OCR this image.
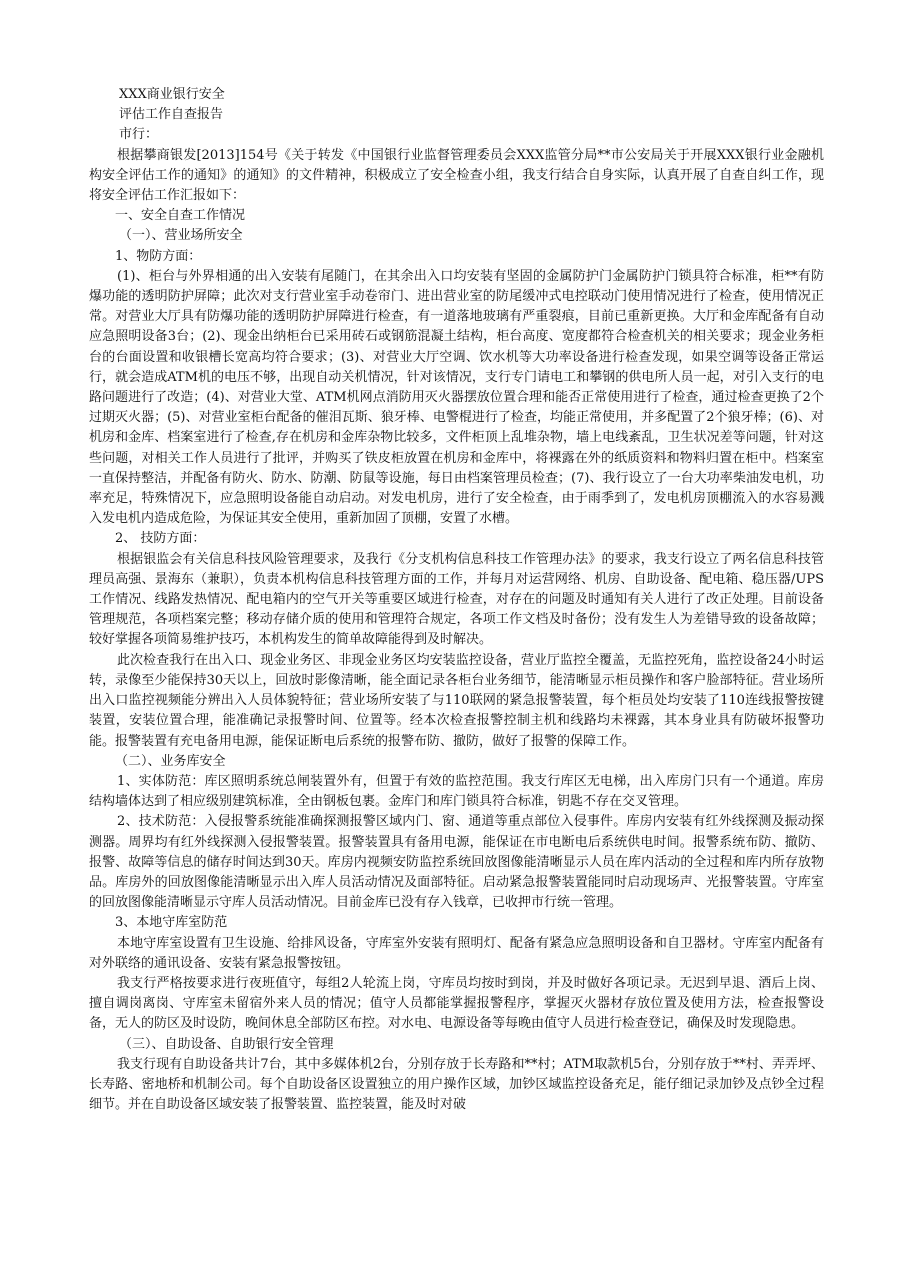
XXX商业银行安全

评估工作自查报告

市行：

根据攀商银发[2013]154号《关于转发《中国银行业监督管理委员会XXX监管分局**市公安局关于开展XXX银行业金融机构安全评估工作的通知》的通知》的文件精神，积极成立了安全检查小组，我支行结合自身实际，认真开展了自查自纠工作，现将安全评估工作汇报如下：

一、安全自查工作情况

（一）、营业场所安全

1、物防方面：

(1)、柜台与外界相通的出入安装有尾随门，在其余出入口均安装有坚固的金属防护门金属防护门锁具符合标准，柜**有防爆功能的透明防护屏障；此次对支行营业室手动卷帘门、进出营业室的防尾缓冲式电控联动门使用情况进行了检查，使用情况正常。对营业大厅具有防爆功能的透明防护屏障进行检查，有一道落地玻璃有严重裂痕，目前已重新更换。大厅和金库配备有自动应急照明设备3台；(2)、现金出纳柜台已采用砖石或钢筋混凝土结构，柜台高度、宽度都符合检查机关的相关要求；现金业务柜台的台面设置和收银槽长宽高均符合要求；(3)、对营业大厅空调、饮水机等大功率设备进行检查发现，如果空调等设备正常运行，就会造成ATM机的电压不够，出现自动关机情况，针对该情况，支行专门请电工和攀钢的供电所人员一起，对引入支行的电路问题进行了改造；(4)、对营业大堂、ATM机网点消防用灭火器摆放位置合理和能否正常使用进行了检查，通过检查更换了2个过期灭火器；(5)、对营业室柜台配备的催泪瓦斯、狼牙棒、电警棍进行了检查，均能正常使用，并多配置了2个狼牙棒；(6)、对机房和金库、档案室进行了检查,存在机房和金库杂物比较多，文件柜顶上乱堆杂物，墙上电线紊乱，卫生状况差等问题，针对这些问题，对相关工作人员进行了批评，并购买了铁皮柜放置在机房和金库中，将裸露在外的纸质资料和物料归置在柜中。档案室一直保持整洁，并配备有防火、防水、防潮、防鼠等设施，每日由档案管理员检查；(7)、我行设立了一台大功率柴油发电机，功率充足，特殊情况下，应急照明设备能自动启动。对发电机房，进行了安全检查，由于雨季到了，发电机房顶棚流入的水容易溅入发电机内造成危险，为保证其安全使用，重新加固了顶棚，安置了水槽。

2、 技防方面：

根据银监会有关信息科技风险管理要求，及我行《分支机构信息科技工作管理办法》的要求，我支行设立了两名信息科技管理员高强、景海东（兼职），负责本机构信息科技管理方面的工作，并每月对运营网络、机房、自助设备、配电箱、稳压器/UPS工作情况、线路发热情况、配电箱内的空气开关等重要区域进行检查，对存在的问题及时通知有关人进行了改正处理。目前设备管理规范，各项档案完整；移动存储介质的使用和管理符合规定，各项工作文档及时备份；没有发生人为差错导致的设备故障；较好掌握各项简易维护技巧，本机构发生的简单故障能得到及时解决。

此次检查我行在出入口、现金业务区、非现金业务区均安装监控设备，营业厅监控全覆盖，无监控死角，监控设备24小时运转，录像至少能保持30天以上，回放时影像清晰，能全面记录各柜台业务细节，能清晰显示柜员操作和客户脸部特征。营业场所出入口监控视频能分辨出入人员体貌特征；营业场所安装了与110联网的紧急报警装置，每个柜员处均安装了110连线报警按键装置，安装位置合理，能准确记录报警时间、位置等。经本次检查报警控制主机和线路均未裸露，其本身业具有防破坏报警功能。报警装置有充电备用电源，能保证断电后系统的报警布防、撤防，做好了报警的保障工作。

（二）、业务库安全

1、实体防范：库区照明系统总闸装置外有，但置于有效的监控范围。我支行库区无电梯，出入库房门只有一个通道。库房结构墙体达到了相应级别建筑标准，全由钢板包裹。金库门和库门锁具符合标准，钥匙不存在交叉管理。

2、技术防范：入侵报警系统能准确探测报警区域内门、窗、通道等重点部位入侵事件。库房内安装有红外线探测及振动探测器。周界均有红外线探测入侵报警装置。报警装置具有备用电源，能保证在市电断电后系统供电时间。报警系统布防、撤防、报警、故障等信息的储存时间达到30天。库房内视频安防监控系统回放图像能清晰显示人员在库内活动的全过程和库内所存放物品。库房外的回放图像能清晰显示出入库人员活动情况及面部特征。启动紧急报警装置能同时启动现场声、光报警装置。守库室的回放图像能清晰显示守库人员活动情况。目前金库已没有存入钱章，已收押市行统一管理。

3、本地守库室防范

本地守库室设置有卫生设施、给排风设备，守库室外安装有照明灯、配备有紧急应急照明设备和自卫器材。守库室内配备有对外联络的通讯设备、安装有紧急报警按钮。

我支行严格按要求进行夜班值守，每组2人轮流上岗，守库员均按时到岗，并及时做好各项记录。无迟到早退、酒后上岗、擅自调岗离岗、守库室未留宿外来人员的情况；值守人员都能掌握报警程序，掌握灭火器材存放位置及使用方法，检查报警设备，无人的防区及时设防，晚间休息全部防区布控。对水电、电源设备等每晚由值守人员进行检查登记，确保及时发现隐患。

（三）、自助设备、自助银行安全管理

我支行现有自助设备共计7台，其中多媒体机2台，分别存放于长寿路和**村；ATM取款机5台，分别存放于**村、弄弄坪、长寿路、密地桥和机制公司。每个自助设备区设置独立的用户操作区域，加钞区域监控设备充足，能仔细记录加钞及点钞全过程细节。并在自助设备区域安装了报警装置、监控装置，能及时对破
